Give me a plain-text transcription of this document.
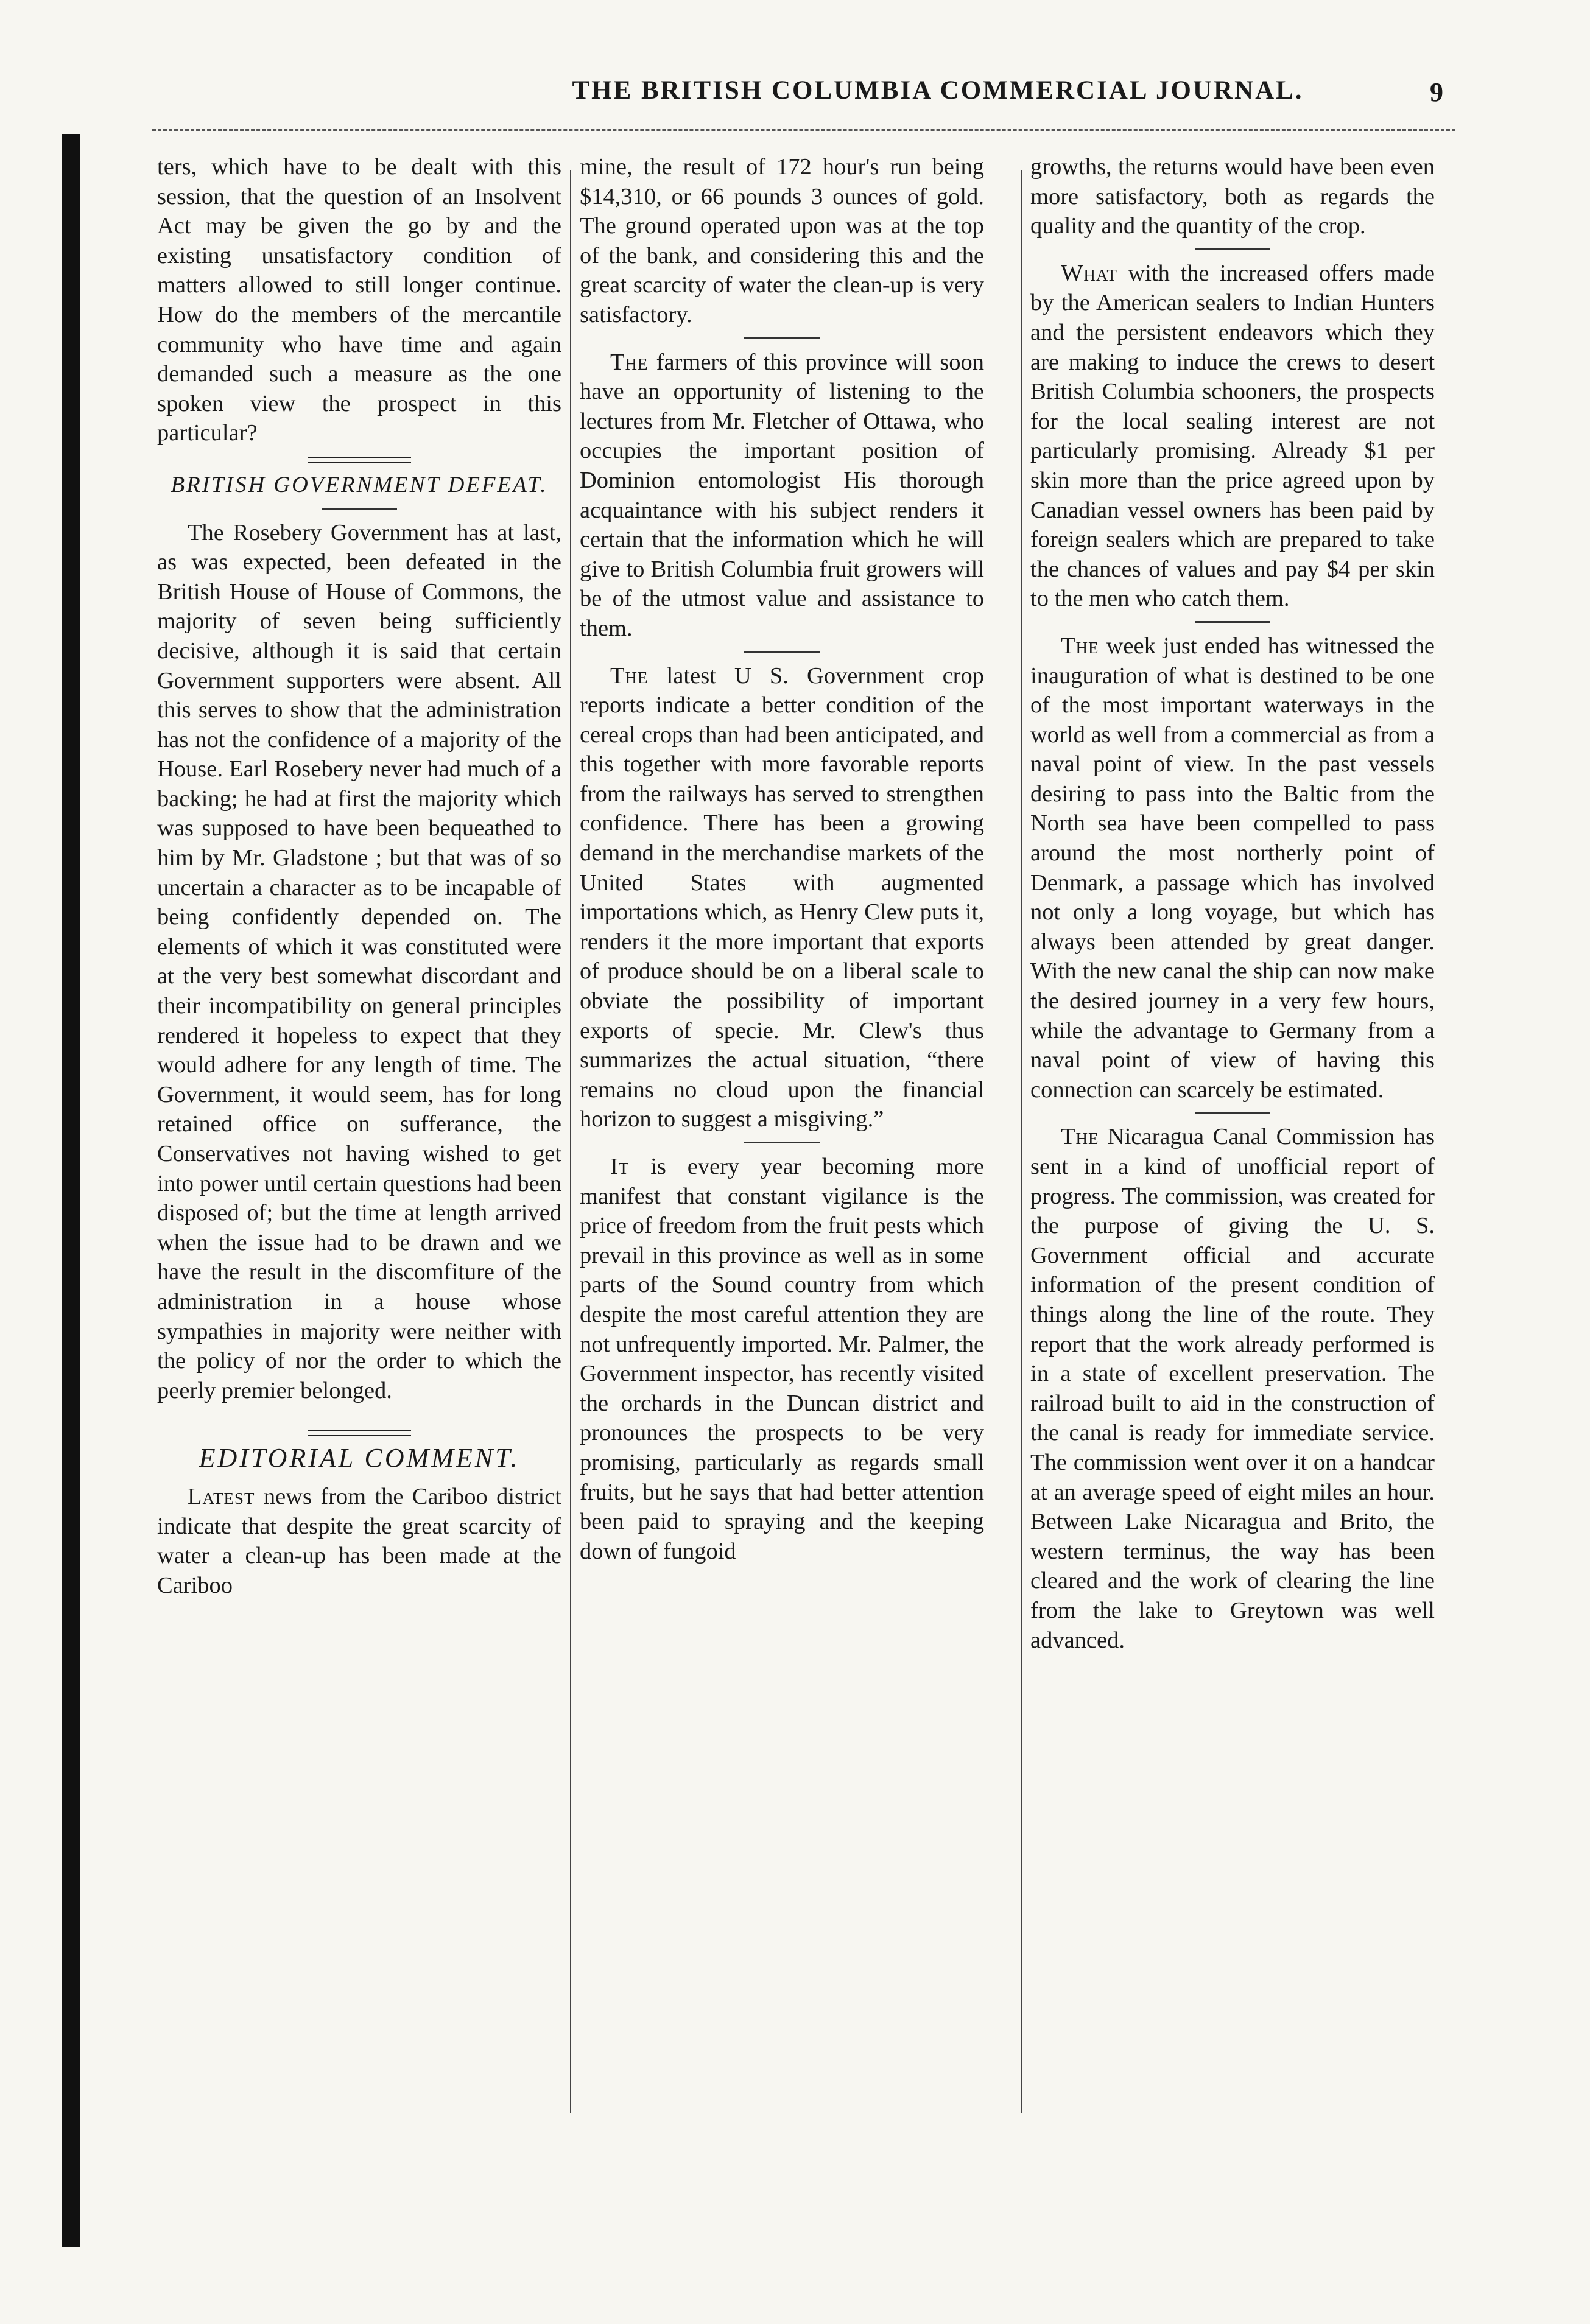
THE BRITISH COLUMBIA COMMERCIAL JOURNAL.	9

ters, which have to be dealt with this session, that the question of an Insolvent Act may be given the go by and the existing unsatisfactory condition of matters allowed to still longer continue. How do the members of the mercantile community who have time and again demanded such a measure as the one spoken view the prospect in this particular?

BRITISH GOVERNMENT DEFEAT.

The Rosebery Government has at last, as was expected, been defeated in the British House of House of Commons, the majority of seven being sufficiently decisive, although it is said that certain Government supporters were absent. All this serves to show that the administration has not the confidence of a majority of the House. Earl Rosebery never had much of a backing; he had at first the majority which was supposed to have been bequeathed to him by Mr. Gladstone ; but that was of so uncertain a character as to be incapable of being confidently depended on. The elements of which it was constituted were at the very best somewhat discordant and their incompatibility on general principles rendered it hopeless to expect that they would adhere for any length of time. The Government, it would seem, has for long retained office on sufferance, the Conservatives not having wished to get into power until certain questions had been disposed of; but the time at length arrived when the issue had to be drawn and we have the result in the discomfiture of the administration in a house whose sympathies in majority were neither with the policy of nor the order to which the peerly premier belonged.

EDITORIAL COMMENT.

Latest news from the Cariboo district indicate that despite the great scarcity of water a clean-up has been made at the Cariboo

mine, the result of 172 hour's run being $14,310, or 66 pounds 3 ounces of gold. The ground operated upon was at the top of the bank, and considering this and the great scarcity of water the clean-up is very satisfactory.

The farmers of this province will soon have an opportunity of listening to the lectures from Mr. Fletcher of Ottawa, who occupies the important position of Dominion entomologist His thorough acquaintance with his subject renders it certain that the information which he will give to British Columbia fruit growers will be of the utmost value and assistance to them.

The latest U S. Government crop reports indicate a better condition of the cereal crops than had been anticipated, and this together with more favorable reports from the railways has served to strengthen confidence. There has been a growing demand in the merchandise markets of the United States with augmented importations which, as Henry Clew puts it, renders it the more important that exports of produce should be on a liberal scale to obviate the possibility of important exports of specie. Mr. Clew's thus summarizes the actual situation, “there remains no cloud upon the financial horizon to suggest a misgiving.”

It is every year becoming more manifest that constant vigilance is the price of freedom from the fruit pests which prevail in this province as well as in some parts of the Sound country from which despite the most careful attention they are not unfrequently imported. Mr. Palmer, the Government inspector, has recently visited the orchards in the Duncan district and pronounces the prospects to be very promising, particularly as regards small fruits, but he says that had better attention been paid to spraying and the keeping down of fungoid

growths, the returns would have been even more satisfactory, both as regards the quality and the quantity of the crop.

What with the increased offers made by the American sealers to Indian Hunters and the persistent endeavors which they are making to induce the crews to desert British Columbia schooners, the prospects for the local sealing interest are not particularly promising. Already $1 per skin more than the price agreed upon by Canadian vessel owners has been paid by foreign sealers which are prepared to take the chances of values and pay $4 per skin to the men who catch them.

The week just ended has witnessed the inauguration of what is destined to be one of the most important waterways in the world as well from a commercial as from a naval point of view. In the past vessels desiring to pass into the Baltic from the North sea have been compelled to pass around the most northerly point of Denmark, a passage which has involved not only a long voyage, but which has always been attended by great danger. With the new canal the ship can now make the desired journey in a very few hours, while the advantage to Germany from a naval point of view of having this connection can scarcely be estimated.

The Nicaragua Canal Commission has sent in a kind of unofficial report of progress. The commission, was created for the purpose of giving the U. S. Government official and accurate information of the present condition of things along the line of the route. They report that the work already performed is in a state of excellent preservation. The railroad built to aid in the construction of the canal is ready for immediate service. The commission went over it on a handcar at an average speed of eight miles an hour. Between Lake Nicaragua and Brito, the western terminus, the way has been cleared and the work of clearing the line from the lake to Greytown was well advanced.
